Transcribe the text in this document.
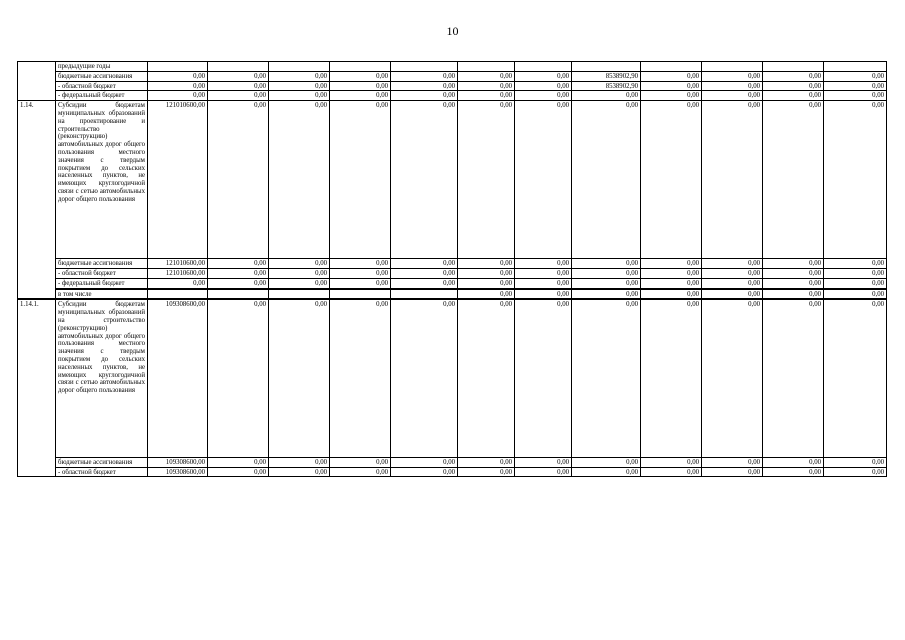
10
	предыдущие годы												
	бюджетные ассигнования	0,00	0,00	0,00	0,00	0,00	0,00	0,00	8538902,90	0,00	0,00	0,00	0,00
	- областной бюджет	0,00	0,00	0,00	0,00	0,00	0,00	0,00	8538902,90	0,00	0,00	0,00	0,00
	- федеральный бюджет	0,00	0,00	0,00	0,00	0,00	0,00	0,00	0,00	0,00	0,00	0,00	0,00
1.14.	Субсидии бюджетам муниципальных образований на проектирование и строительство (реконструкцию) автомобильных дорог общего пользования местного значения с твердым покрытием до сельских населенных пунктов, не имеющих круглогодичной связи с сетью автомобильных дорог общего пользования	121010600,00	0,00	0,00	0,00	0,00	0,00	0,00	0,00	0,00	0,00	0,00	0,00
	бюджетные ассигнования	121010600,00	0,00	0,00	0,00	0,00	0,00	0,00	0,00	0,00	0,00	0,00	0,00
	- областной бюджет	121010600,00	0,00	0,00	0,00	0,00	0,00	0,00	0,00	0,00	0,00	0,00	0,00
	- федеральный бюджет	0,00	0,00	0,00	0,00	0,00	0,00	0,00	0,00	0,00	0,00	0,00	0,00
	в том числе						0,00	0,00	0,00	0,00	0,00	0,00	0,00
1.14.1.	Субсидии бюджетам муниципальных образований на строительство (реконструкцию) автомобильных дорог общего пользования местного значения с твердым покрытием до сельских населенных пунктов, не имеющих круглогодичной связи с сетью автомобильных дорог общего пользования	109308600,00	0,00	0,00	0,00	0,00	0,00	0,00	0,00	0,00	0,00	0,00	0,00
	бюджетные ассигнования	109308600,00	0,00	0,00	0,00	0,00	0,00	0,00	0,00	0,00	0,00	0,00	0,00
	- областной бюджет	109308600,00	0,00	0,00	0,00	0,00	0,00	0,00	0,00	0,00	0,00	0,00	0,00
